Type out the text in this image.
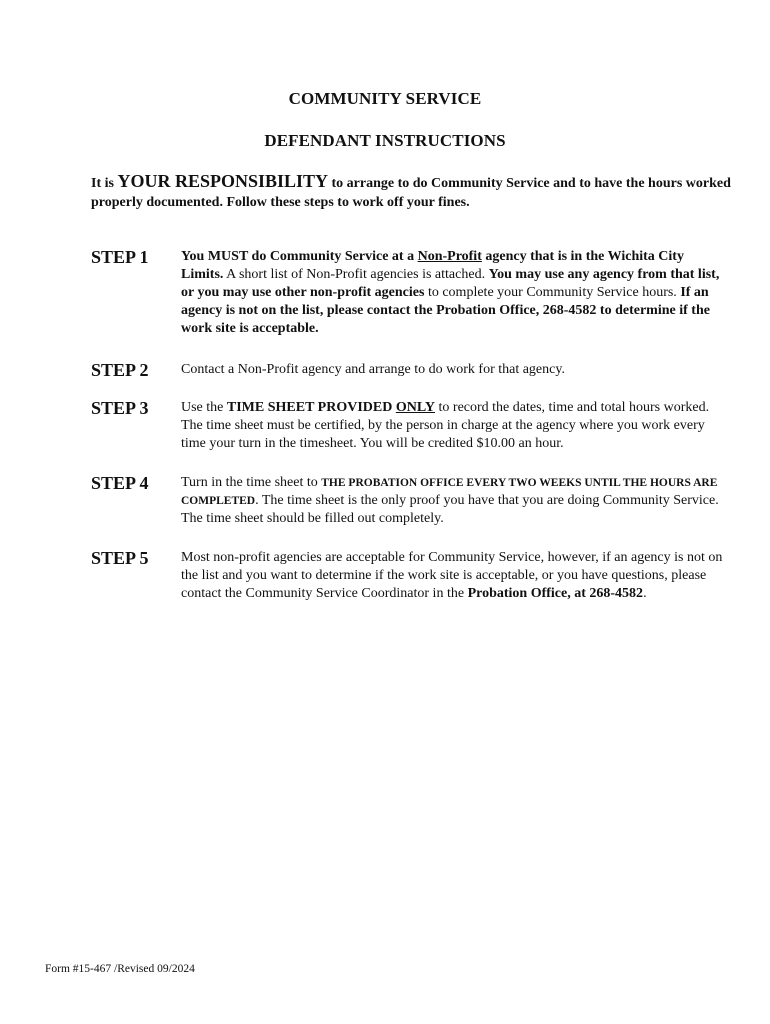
COMMUNITY SERVICE
DEFENDANT INSTRUCTIONS
It is YOUR RESPONSIBILITY to arrange to do Community Service and to have the hours worked properly documented. Follow these steps to work off your fines.
STEP 1 You MUST do Community Service at a Non-Profit agency that is in the Wichita City Limits. A short list of Non-Profit agencies is attached. You may use any agency from that list, or you may use other non-profit agencies to complete your Community Service hours. If an agency is not on the list, please contact the Probation Office, 268-4582 to determine if the work site is acceptable.
STEP 2 Contact a Non-Profit agency and arrange to do work for that agency.
STEP 3 Use the TIME SHEET PROVIDED ONLY to record the dates, time and total hours worked. The time sheet must be certified, by the person in charge at the agency where you work every time your turn in the timesheet. You will be credited $10.00 an hour.
STEP 4 Turn in the time sheet to THE PROBATION OFFICE EVERY TWO WEEKS UNTIL THE HOURS ARE COMPLETED. The time sheet is the only proof you have that you are doing Community Service. The time sheet should be filled out completely.
STEP 5 Most non-profit agencies are acceptable for Community Service, however, if an agency is not on the list and you want to determine if the work site is acceptable, or you have questions, please contact the Community Service Coordinator in the Probation Office, at 268-4582.
Form #15-467 /Revised 09/2024
